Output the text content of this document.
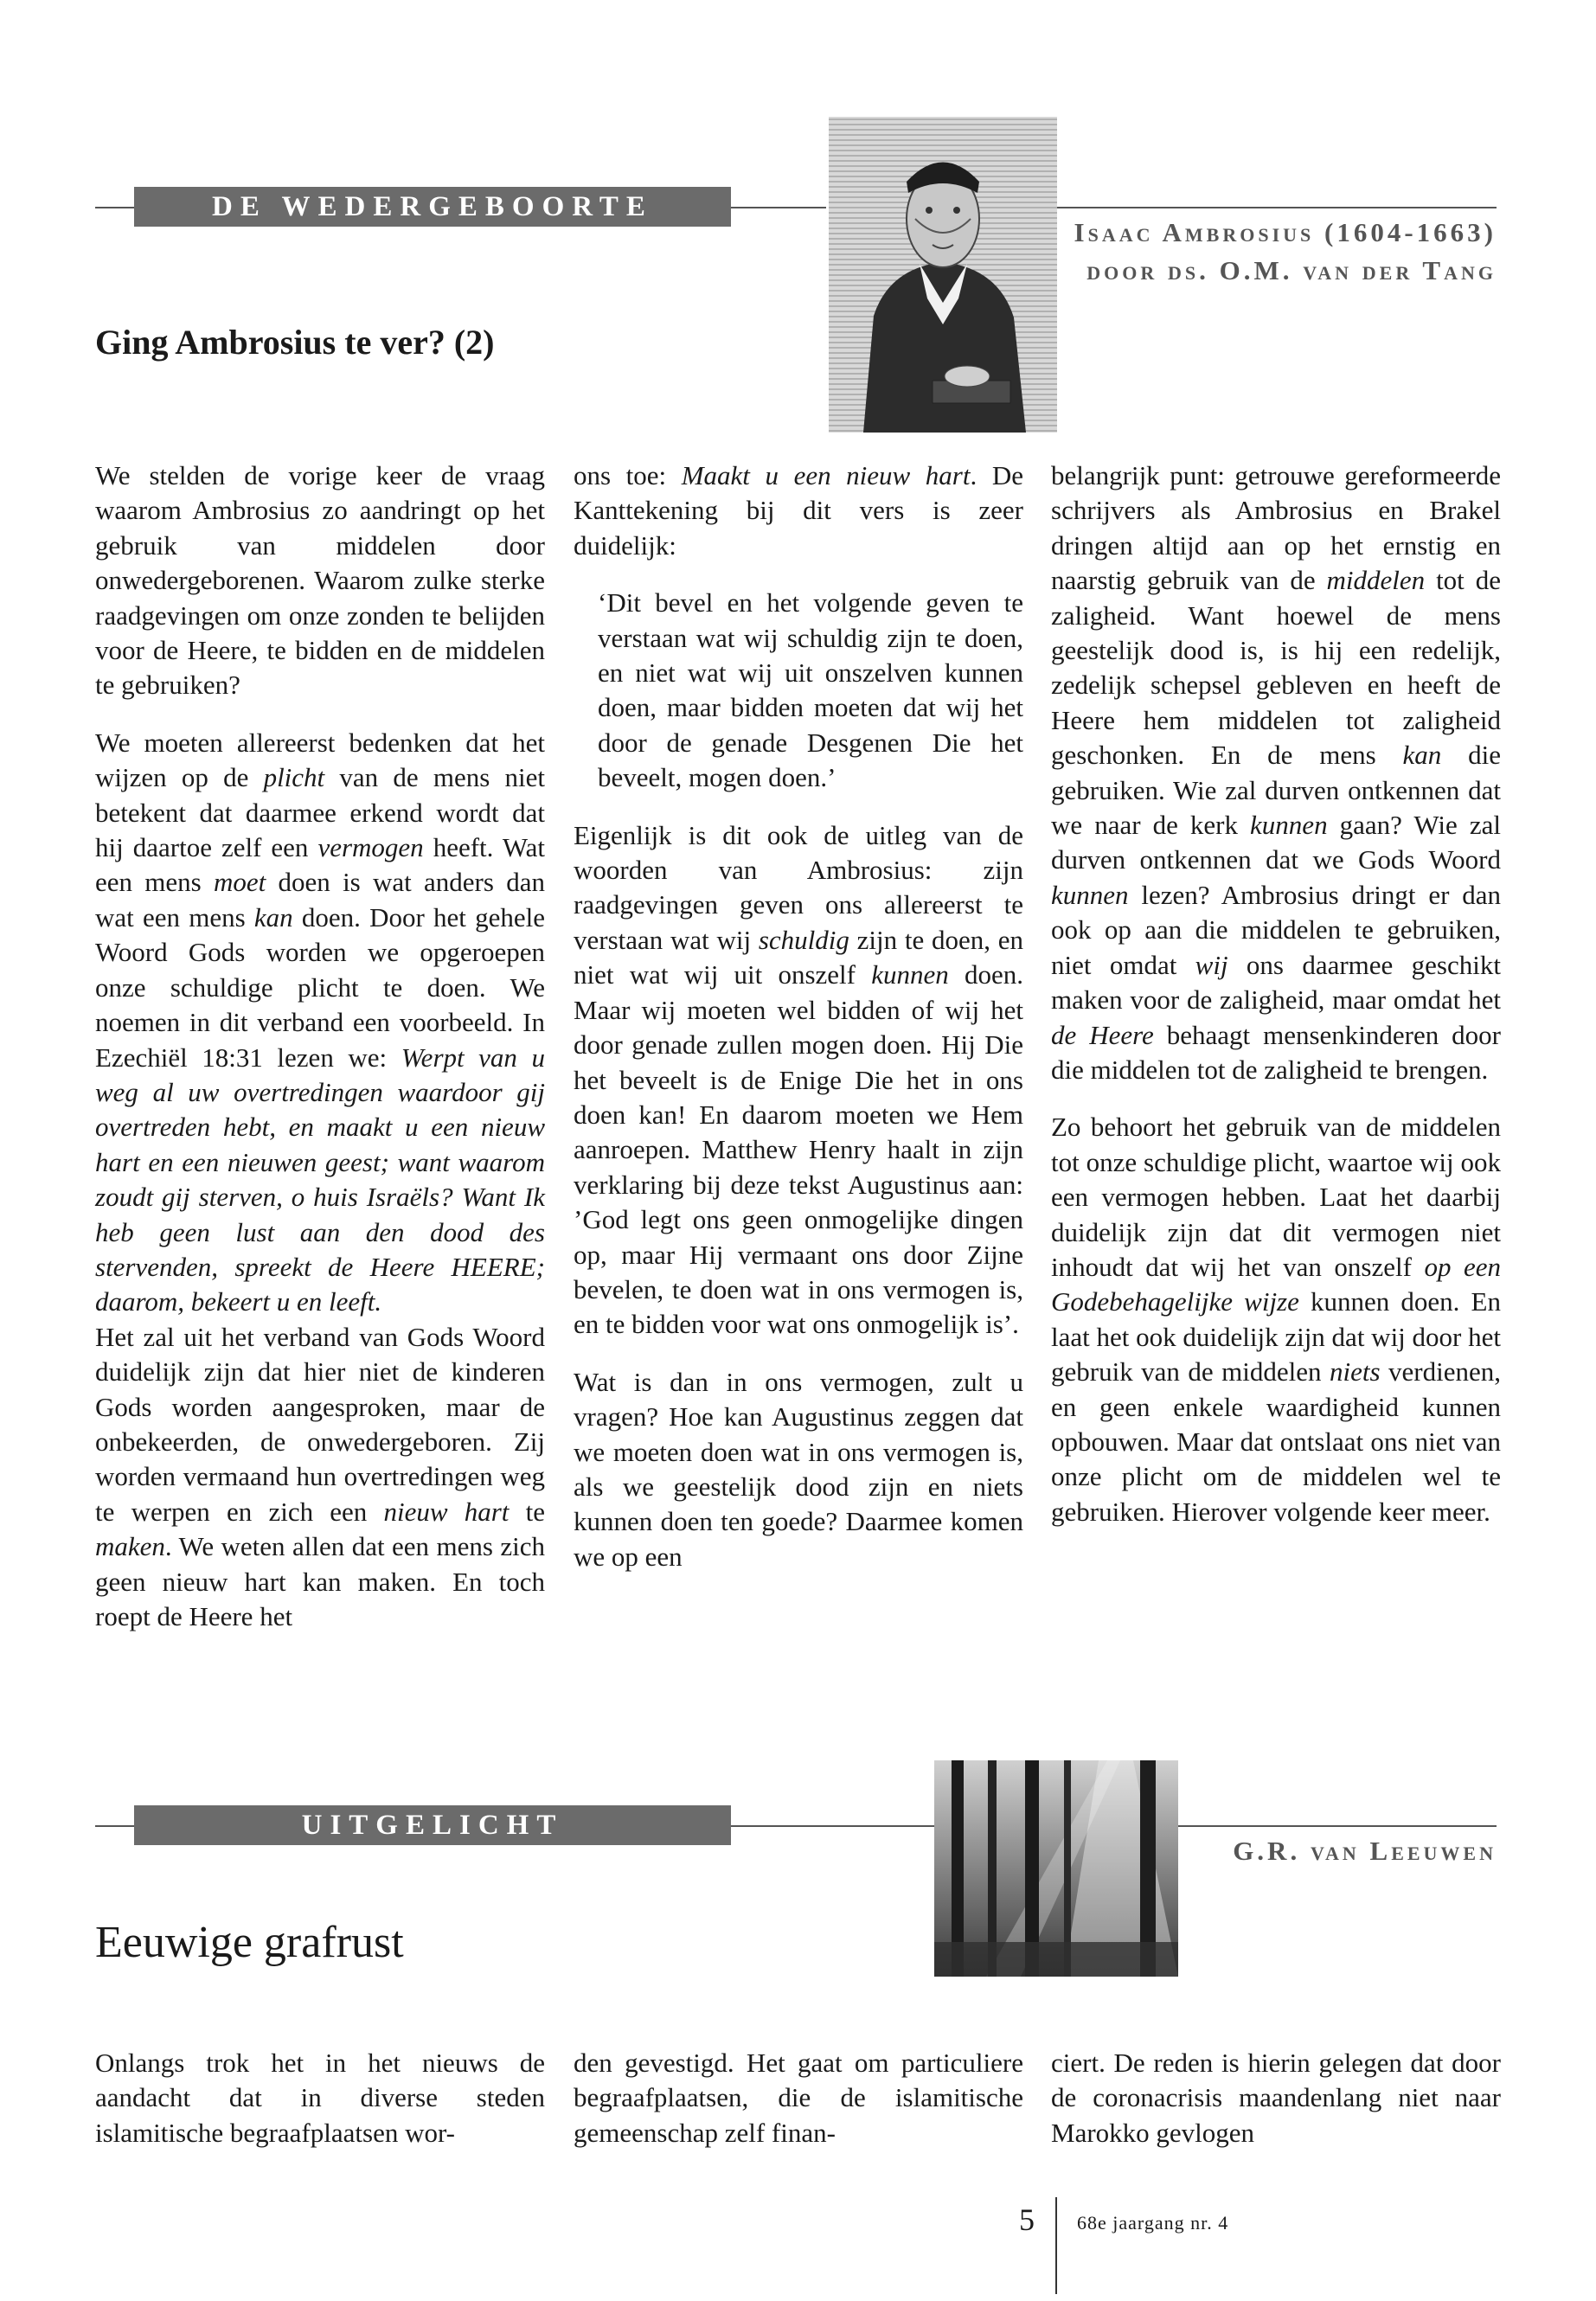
DE WEDERGEBOORTE
Isaac Ambrosius (1604-1663)
door ds. O.M. van der Tang
Ging Ambrosius te ver? (2)

We stelden de vorige keer de vraag waarom Ambrosius zo aandringt op het gebruik van middelen door onwedergeborenen. Waarom zulke sterke raadgevingen om onze zonden te belijden voor de Heere, te bidden en de middelen te gebruiken?

We moeten allereerst bedenken dat het wijzen op de plicht van de mens niet betekent dat daarmee erkend wordt dat hij daartoe zelf een vermogen heeft. Wat een mens moet doen is wat anders dan wat een mens kan doen. Door het gehele Woord Gods worden we opgeroepen onze schuldige plicht te doen. We noemen in dit verband een voorbeeld. In Ezechiël 18:31 lezen we: Werpt van u weg al uw overtredingen waardoor gij overtreden hebt, en maakt u een nieuw hart en een nieuwen geest; want waarom zoudt gij sterven, o huis Israëls? Want Ik heb geen lust aan den dood des stervenden, spreekt de Heere HEERE; daarom, bekeert u en leeft.

Het zal uit het verband van Gods Woord duidelijk zijn dat hier niet de kinderen Gods worden aangesproken, maar de onbekeerden, de onwedergeboren. Zij worden vermaand hun overtredingen weg te werpen en zich een nieuw hart te maken. We weten allen dat een mens zich geen nieuw hart kan maken. En toch roept de Heere het

ons toe: Maakt u een nieuw hart. De Kanttekening bij dit vers is zeer duidelijk:

‘Dit bevel en het volgende geven te verstaan wat wij schuldig zijn te doen, en niet wat wij uit onszelven kunnen doen, maar bidden moeten dat wij het door de genade Desgenen Die het beveelt, mogen doen.’

Eigenlijk is dit ook de uitleg van de woorden van Ambrosius: zijn raadgevingen geven ons allereerst te verstaan wat wij schuldig zijn te doen, en niet wat wij uit onszelf kunnen doen. Maar wij moeten wel bidden of wij het door genade zullen mogen doen. Hij Die het beveelt is de Enige Die het in ons doen kan! En daarom moeten we Hem aanroepen. Matthew Henry haalt in zijn verklaring bij deze tekst Augustinus aan: ’God legt ons geen onmogelijke dingen op, maar Hij vermaant ons door Zijne bevelen, te doen wat in ons vermogen is, en te bidden voor wat ons onmogelijk is’.

Wat is dan in ons vermogen, zult u vragen? Hoe kan Augustinus zeggen dat we moeten doen wat in ons vermogen is, als we geestelijk dood zijn en niets kunnen doen ten goede? Daarmee komen we op een

belangrijk punt: getrouwe gereformeerde schrijvers als Ambrosius en Brakel dringen altijd aan op het ernstig en naarstig gebruik van de middelen tot de zaligheid. Want hoewel de mens geestelijk dood is, is hij een redelijk, zedelijk schepsel gebleven en heeft de Heere hem middelen tot zaligheid geschonken. En de mens kan die gebruiken. Wie zal durven ontkennen dat we naar de kerk kunnen gaan? Wie zal durven ontkennen dat we Gods Woord kunnen lezen? Ambrosius dringt er dan ook op aan die middelen te gebruiken, niet omdat wij ons daarmee geschikt maken voor de zaligheid, maar omdat het de Heere behaagt mensenkinderen door die middelen tot de zaligheid te brengen.

Zo behoort het gebruik van de middelen tot onze schuldige plicht, waartoe wij ook een vermogen hebben. Laat het daarbij duidelijk zijn dat dit vermogen niet inhoudt dat wij het van onszelf op een Godebehagelijke wijze kunnen doen. En laat het ook duidelijk zijn dat wij door het gebruik van de middelen niets verdienen, en geen enkele waardigheid kunnen opbouwen. Maar dat ontslaat ons niet van onze plicht om de middelen wel te gebruiken. Hierover volgende keer meer.

UITGELICHT
G.R. van Leeuwen
Eeuwige grafrust

Onlangs trok het in het nieuws de aandacht dat in diverse steden islamitische begraafplaatsen wor-

den gevestigd. Het gaat om particuliere begraafplaatsen, die de islamitische gemeenschap zelf finan-

ciert. De reden is hierin gelegen dat door de coronacrisis maandenlang niet naar Marokko gevlogen

5 68e jaargang nr. 4
